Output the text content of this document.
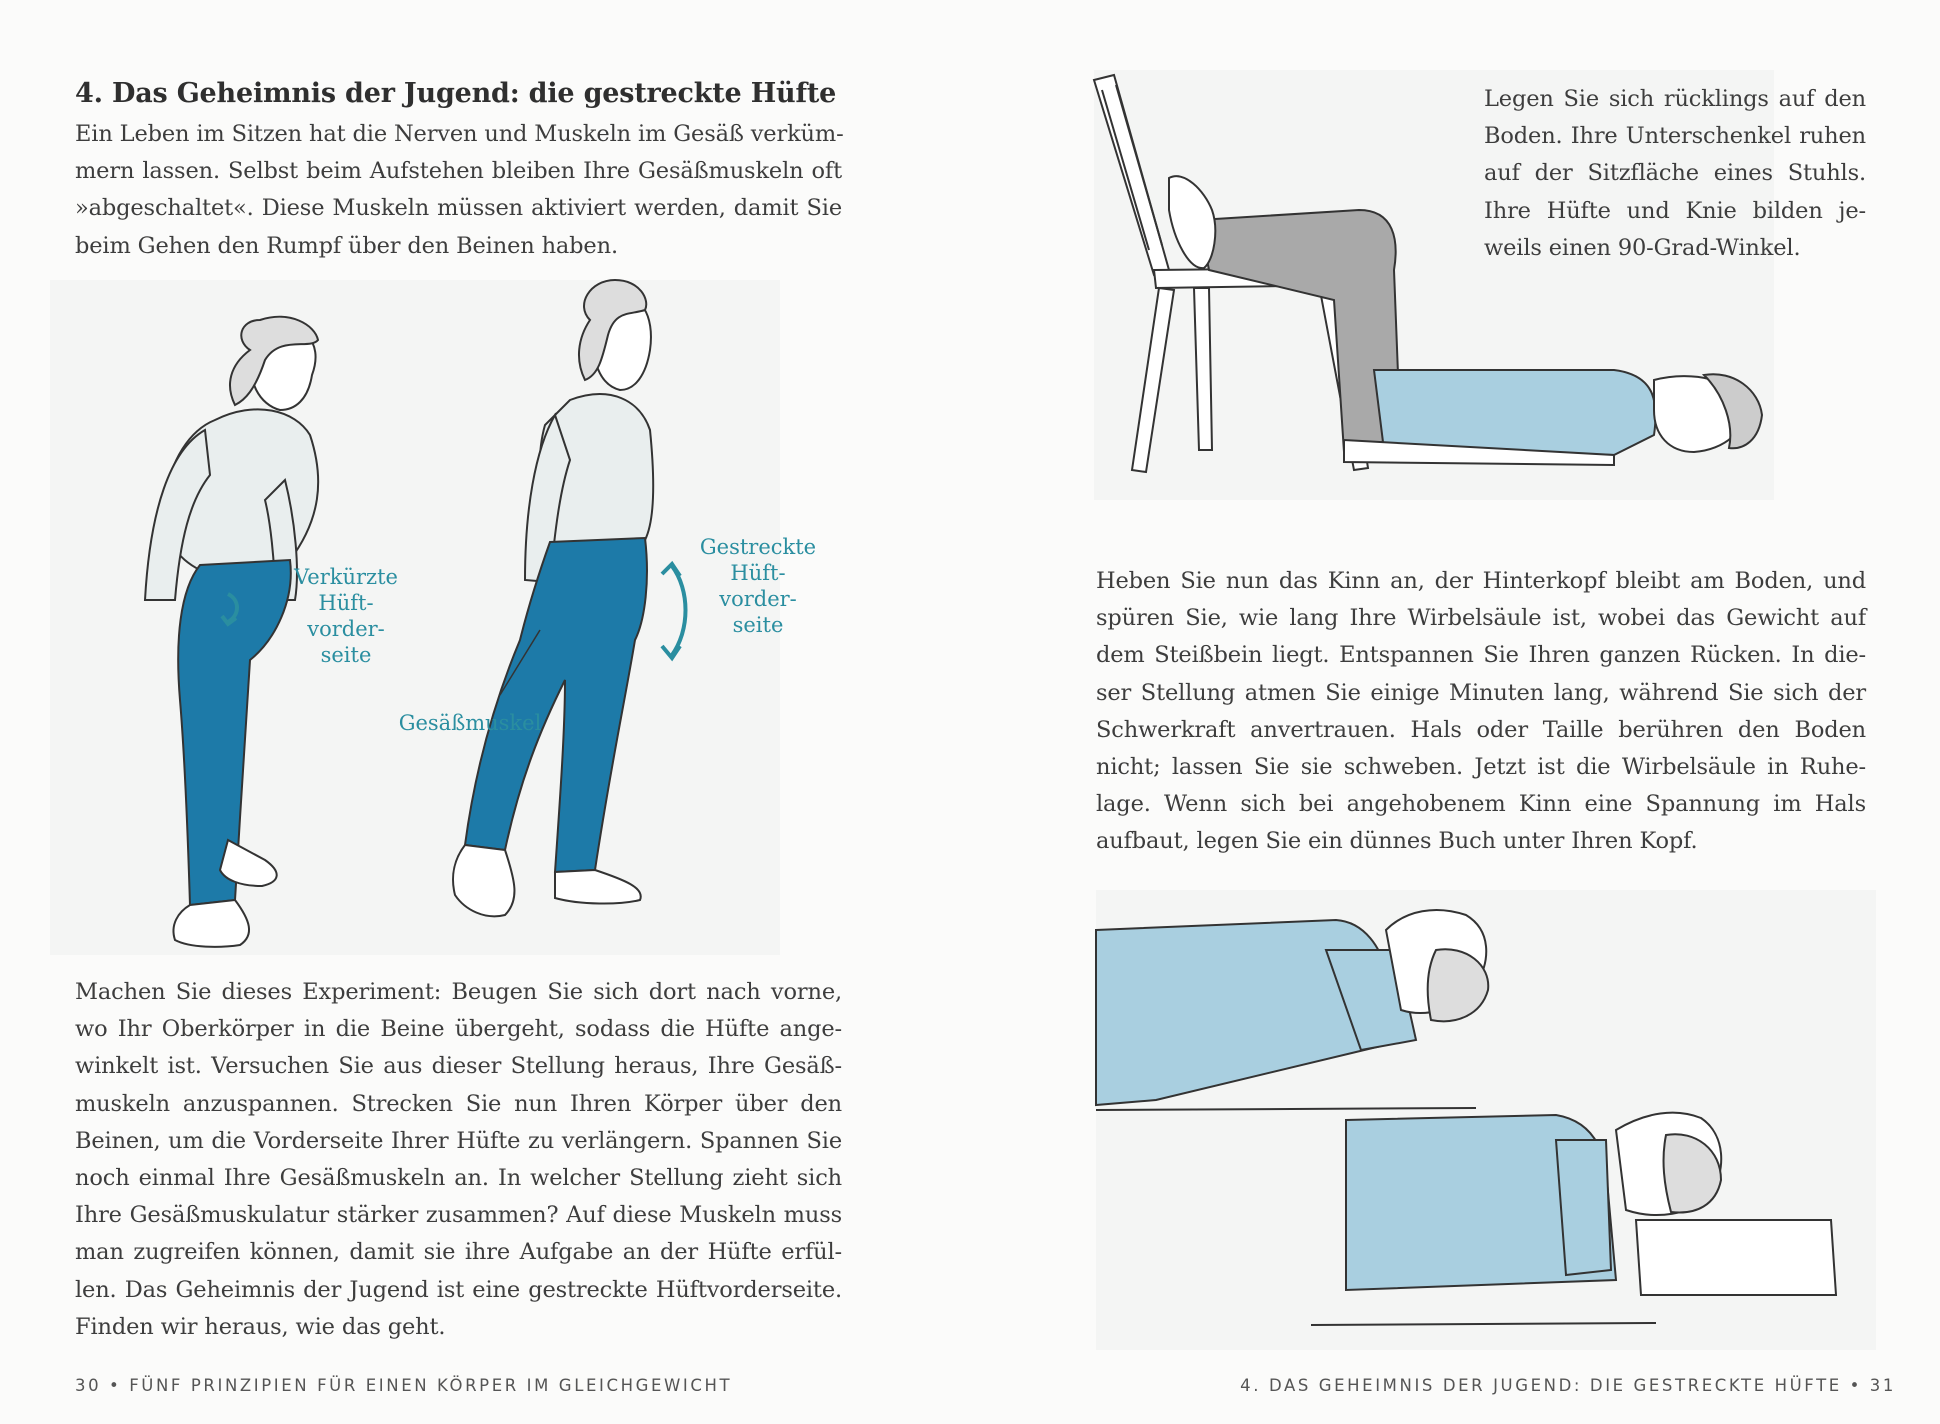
4. Das Geheimnis der Jugend: die gestreckte Hüfte
Ein Leben im Sitzen hat die Nerven und Muskeln im Gesäß verküm-
mern lassen. Selbst beim Aufstehen bleiben Ihre Gesäßmuskeln oft
»abgeschaltet«. Diese Muskeln müssen aktiviert werden, damit Sie
beim Gehen den Rumpf über den Beinen haben.
Verkürzte
Hüft-
vorder-
seite
Gestreckte
Hüft-
vorder-
seite
Gesäßmuskel
Machen Sie dieses Experiment: Beugen Sie sich dort nach vorne,
wo Ihr Oberkörper in die Beine übergeht, sodass die Hüfte ange-
winkelt ist. Versuchen Sie aus dieser Stellung heraus, Ihre Gesäß-
muskeln anzuspannen. Strecken Sie nun Ihren Körper über den
Beinen, um die Vorderseite Ihrer Hüfte zu verlängern. Spannen Sie
noch einmal Ihre Gesäßmuskeln an. In welcher Stellung zieht sich
Ihre Gesäßmuskulatur stärker zusammen? Auf diese Muskeln muss
man zugreifen können, damit sie ihre Aufgabe an der Hüfte erfül-
len. Das Geheimnis der Jugend ist eine gestreckte Hüftvorderseite.
Finden wir heraus, wie das geht.
30 • FÜNF PRINZIPIEN FÜR EINEN KÖRPER IM GLEICHGEWICHT
Legen Sie sich rücklings auf den
Boden. Ihre Unterschenkel ruhen
auf der Sitzfläche eines Stuhls.
Ihre Hüfte und Knie bilden je-
weils einen 90-Grad-Winkel.
Heben Sie nun das Kinn an, der Hinterkopf bleibt am Boden, und
spüren Sie, wie lang Ihre Wirbelsäule ist, wobei das Gewicht auf
dem Steißbein liegt. Entspannen Sie Ihren ganzen Rücken. In die-
ser Stellung atmen Sie einige Minuten lang, während Sie sich der
Schwerkraft anvertrauen. Hals oder Taille berühren den Boden
nicht; lassen Sie sie schweben. Jetzt ist die Wirbelsäule in Ruhe-
lage. Wenn sich bei angehobenem Kinn eine Spannung im Hals
aufbaut, legen Sie ein dünnes Buch unter Ihren Kopf.
4. DAS GEHEIMNIS DER JUGEND: DIE GESTRECKTE HÜFTE • 31
